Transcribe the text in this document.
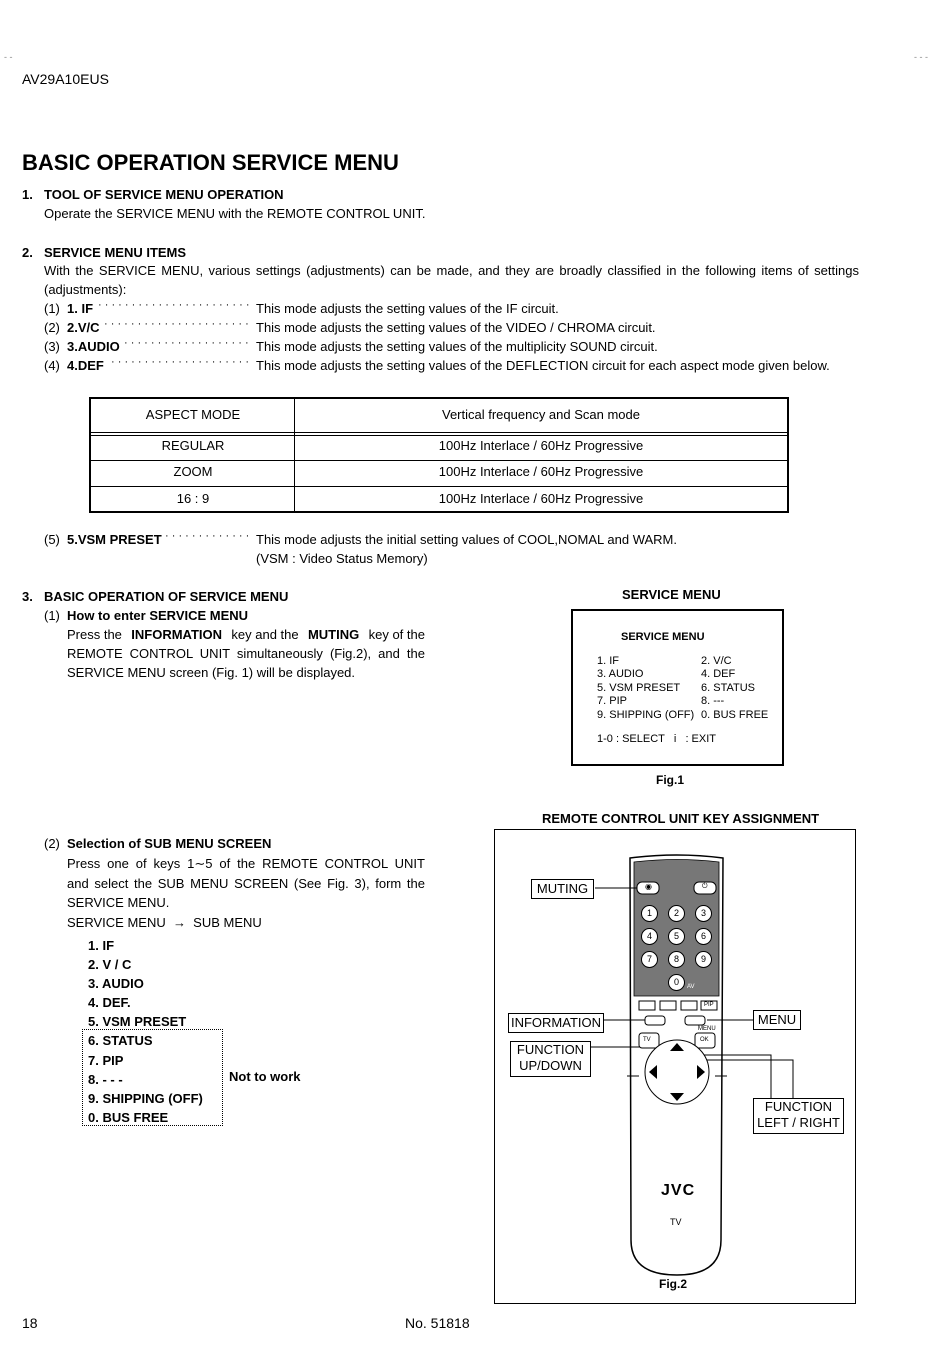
- -	- - -
AV29A10EUS
BASIC OPERATION SERVICE MENU
1. TOOL OF SERVICE MENU OPERATION
Operate the SERVICE MENU with the REMOTE CONTROL UNIT.
2. SERVICE MENU ITEMS
With the SERVICE MENU, various settings (adjustments) can be made, and they are broadly classified in the following items of settings
(adjustments):
(1) 1. IF · · · · · · · · · · · · · · · · · · · · · · · This mode adjusts the setting values of the IF circuit.
(2) 2.V/C · · · · · · · · · · · · · · · · · · · · · · This mode adjusts the setting values of the VIDEO / CHROMA circuit.
(3) 3.AUDIO · · · · · · · · · · · · · · · · · · · This mode adjusts the setting values of the multiplicity SOUND circuit.
(4) 4.DEF · · · · · · · · · · · · · · · · · · · · · This mode adjusts the setting values of the DEFLECTION circuit for each aspect mode given below.
ASPECT MODE	Vertical frequency and Scan mode
REGULAR	100Hz Interlace / 60Hz Progressive
ZOOM	100Hz Interlace / 60Hz Progressive
16 : 9	100Hz Interlace / 60Hz Progressive
(5) 5.VSM PRESET · · · · · · · · · · · · · This mode adjusts the initial setting values of COOL,NOMAL and WARM.
(VSM : Video Status Memory)
3. BASIC OPERATION OF SERVICE MENU
(1) How to enter SERVICE MENU
Press the INFORMATION key and the MUTING key of the
REMOTE CONTROL UNIT simultaneously (Fig.2), and the
SERVICE MENU screen (Fig. 1) will be displayed.
SERVICE MENU
SERVICE MENU
1. IF
3. AUDIO
5. VSM PRESET
7. PIP
9. SHIPPING (OFF)
2. V/C
4. DEF
6. STATUS
8. ---
0. BUS FREE
1-0 : SELECT   i   : EXIT
Fig.1
(2) Selection of SUB MENU SCREEN
Press one of keys 1∼5 of the REMOTE CONTROL UNIT
and select the SUB MENU SCREEN (See Fig. 3), form the
SERVICE MENU.
SERVICE MENU  →  SUB MENU
1. IF
2. V / C
3. AUDIO
4. DEF.
5. VSM PRESET
6. STATUS
7. PIP
8. - - -
9. SHIPPING (OFF)
0. BUS FREE
Not to work
REMOTE CONTROL UNIT KEY ASSIGNMENT
JVC
TV
⏻
◉
1	2	3
4	5	6
7	8	9
0	AV
PIP
MENU
TV	OK
MUTING
INFORMATION	MENU
FUNCTION
UP/DOWN
FUNCTION
LEFT / RIGHT
Fig.2
18	No. 51818
